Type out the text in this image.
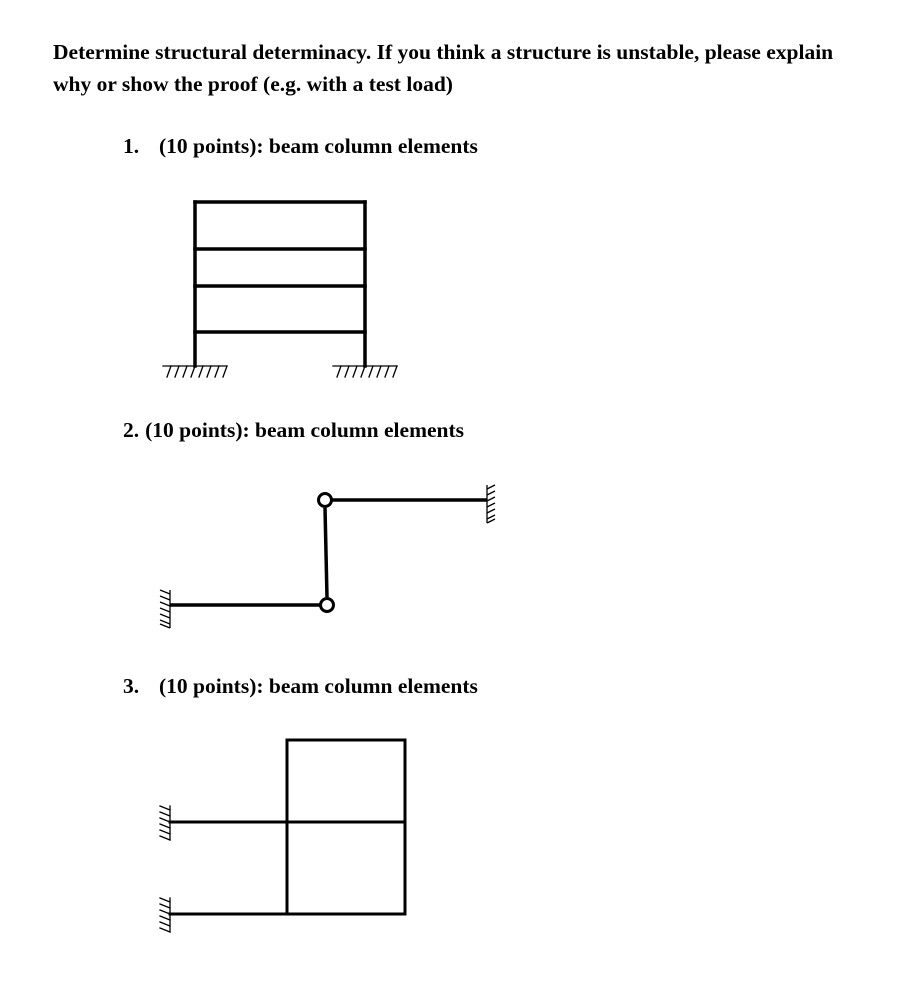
Determine structural determinacy. If you think a structure is unstable, please explain why or show the proof (e.g. with a test load)

1. (10 points): beam column elements
2. (10 points): beam column elements
3. (10 points): beam column elements
